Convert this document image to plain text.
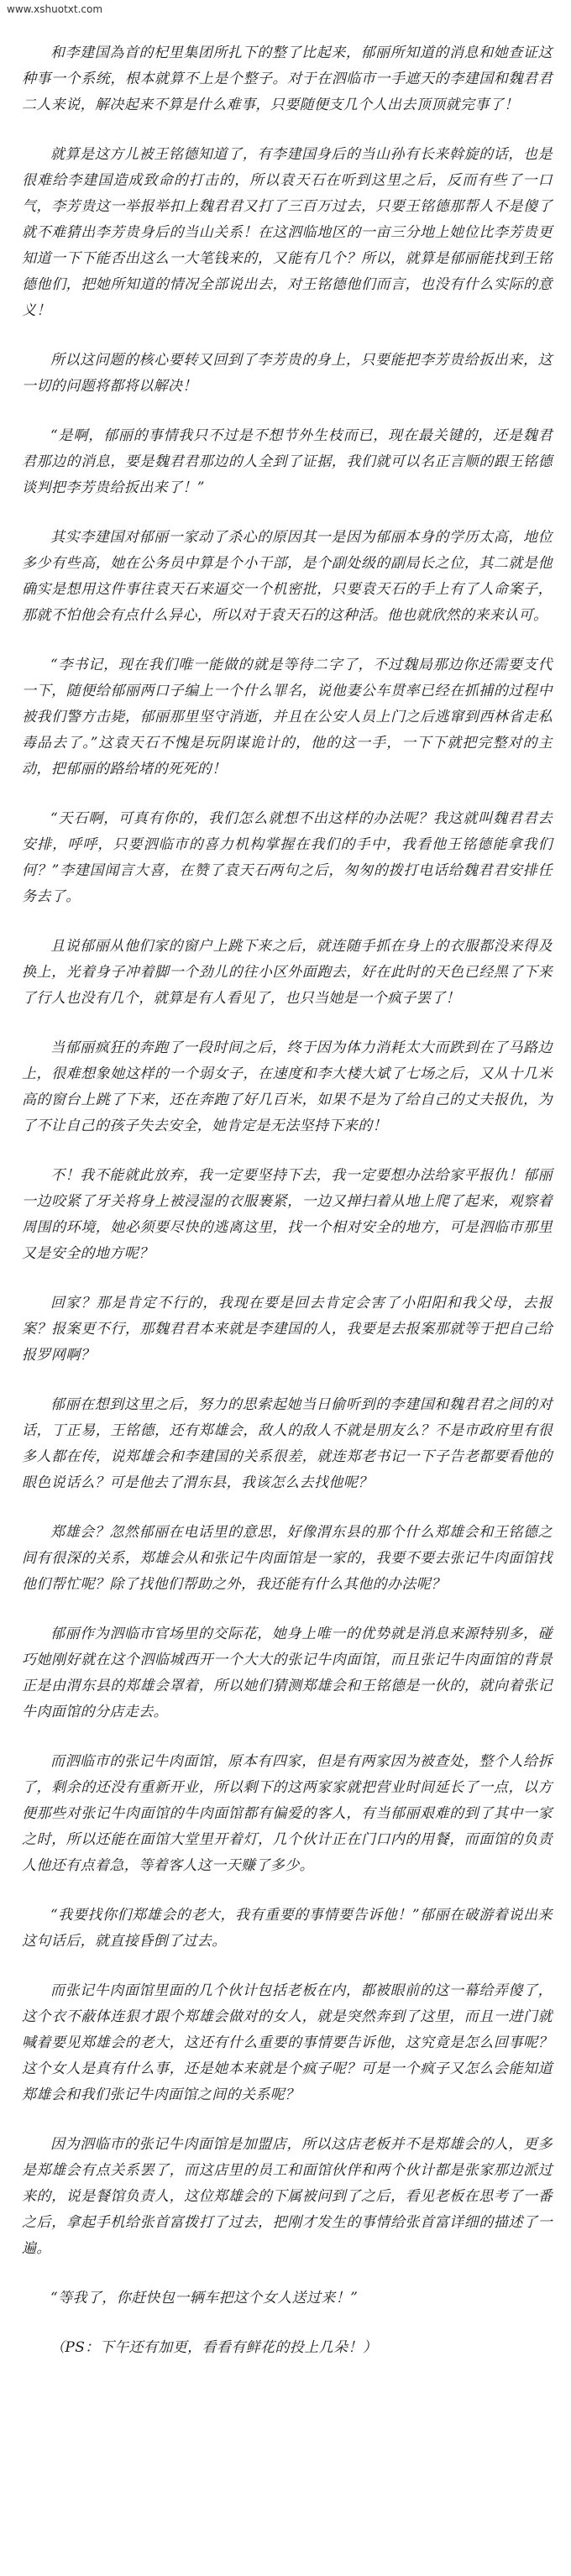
www.xshuotxt.com

和李建国為首的杞里集团所扎下的整了比起来，郁丽所知道的消息和她查证这种事一个系统，根本就算不上是个整子。对于在泗临市一手遮天的李建国和魏君君二人来说，解决起来不算是什么难事，只要随便支几个人出去顶顶就完事了！

就算是这方儿被王铭德知道了，有李建国身后的当山孙有长来斡旋的话，也是很难给李建国造成致命的打击的，所以袁天石在听到这里之后，反而有些了一口气，李芳贵这一举报举扣上魏君君又打了三百万过去，只要王铭德那帮人不是傻了就不难猜出李芳贵身后的当山关系！在这泗临地区的一亩三分地上她位比李芳贵更知道一下下能否出这么一大笔钱来的，又能有几个？所以，就算是郁丽能找到王铭德他们，把她所知道的情况全部说出去，对王铭德他们而言，也没有什么实际的意义！

所以这问题的核心要转又回到了李芳贵的身上，只要能把李芳贵给扳出来，这一切的问题将都将以解决！

“是啊，郁丽的事情我只不过是不想节外生枝而已，现在最关键的，还是魏君君那边的消息，要是魏君君那边的人全到了证据，我们就可以名正言顺的跟王铭德谈判把李芳贵给扳出来了！”

其实李建国对郁丽一家动了杀心的原因其一是因为郁丽本身的学历太高，地位多少有些高，她在公务员中算是个小干部，是个副处级的副局长之位，其二就是他确实是想用这件事往袁天石来逼交一个机密批，只要袁天石的手上有了人命案子，那就不怕他会有点什么异心，所以对于袁天石的这种活。他也就欣然的来来认可。

“李书记，现在我们唯一能做的就是等待二字了，不过魏局那边你还需要支代一下，随便给郁丽两口子编上一个什么罪名，说他妻公车贯率已经在抓捕的过程中被我们警方击毙，郁丽那里坚守消逝，并且在公安人员上门之后逃窜到西林省走私毒品去了。”这袁天石不愧是玩阴谋诡计的，他的这一手，一下下就把完整对的主动，把郁丽的路给堵的死死的！

“天石啊，可真有你的，我们怎么就想不出这样的办法呢？我这就叫魏君君去安排，呼呼，只要泗临市的喜力机构掌握在我们的手中，我看他王铭德能拿我们何？”李建国闻言大喜，在赞了袁天石两句之后，匆匆的拨打电话给魏君君安排任务去了。

且说郁丽从他们家的窗户上跳下来之后，就连随手抓在身上的衣服都没来得及换上，光着身子冲着脚一个劲儿的往小区外面跑去，好在此时的天色已经黑了下来了行人也没有几个，就算是有人看见了，也只当她是一个疯子罢了！

当郁丽疯狂的奔跑了一段时间之后，终于因为体力消耗太大而跌到在了马路边上，很难想象她这样的一个弱女子，在速度和李大楼大斌了七场之后，又从十几米高的窗台上跳了下来，还在奔跑了好几百米，如果不是为了给自己的丈夫报仇，为了不让自己的孩子失去安全，她肯定是无法坚持下来的！

不！我不能就此放弃，我一定要坚持下去，我一定要想办法给家平报仇！郁丽一边咬紧了牙关将身上被浸湿的衣服裹紧，一边又掸扫着从地上爬了起来，观察着周围的环境，她必须要尽快的逃离这里，找一个相对安全的地方，可是泗临市那里又是安全的地方呢？

回家？那是肯定不行的，我现在要是回去肯定会害了小阳阳和我父母，去报案？报案更不行，那魏君君本来就是李建国的人，我要是去报案那就等于把自己给报罗网啊？

郁丽在想到这里之后，努力的思索起她当日偷听到的李建国和魏君君之间的对话，丁正易，王铭德，还有郑雄会，敌人的敌人不就是朋友么？不是市政府里有很多人都在传，说郑雄会和李建国的关系很差，就连郑老书记一下子告老都要看他的眼色说话么？可是他去了渭东县，我该怎么去找他呢？

郑雄会？忽然郁丽在电话里的意思，好像渭东县的那个什么郑雄会和王铭德之间有很深的关系，郑雄会从和张记牛肉面馆是一家的，我要不要去张记牛肉面馆找他们帮忙呢？除了找他们帮助之外，我还能有什么其他的办法呢？

郁丽作为泗临市官场里的交际花，她身上唯一的优势就是消息来源特别多，碰巧她刚好就在这个泗临城西开一个大大的张记牛肉面馆，而且张记牛肉面馆的背景正是由渭东县的郑雄会罩着，所以她们猜测郑雄会和王铭德是一伙的，就向着张记牛肉面馆的分店走去。

而泗临市的张记牛肉面馆，原本有四家，但是有两家因为被查处，整个人给拆了，剩余的还没有重新开业，所以剩下的这两家家就把营业时间延长了一点，以方便那些对张记牛肉面馆的牛肉面馆都有偏爱的客人，有当郁丽艰难的到了其中一家之时，所以还能在面馆大堂里开着灯，几个伙计正在门口内的用餐，而面馆的负责人他还有点着急，等着客人这一天赚了多少。

“我要找你们郑雄会的老大，我有重要的事情要告诉他！”郁丽在破游着说出来这句话后，就直接昏倒了过去。

而张记牛肉面馆里面的几个伙计包括老板在内，都被眼前的这一幕给弄傻了，这个衣不蔽体连狠才跟个郑雄会做对的女人，就是突然奔到了这里，而且一进门就喊着要见郑雄会的老大，这还有什么重要的事情要告诉他，这究竟是怎么回事呢？这个女人是真有什么事，还是她本来就是个疯子呢？可是一个疯子又怎么会能知道郑雄会和我们张记牛肉面馆之间的关系呢？

因为泗临市的张记牛肉面馆是加盟店，所以这店老板并不是郑雄会的人，更多是郑雄会有点关系罢了，而这店里的员工和面馆伙伴和两个伙计都是张家那边派过来的，说是餐馆负责人，这位郑雄会的下属被问到了之后，看见老板在思考了一番之后，拿起手机给张首富拨打了过去，把刚才发生的事情给张首富详细的描述了一遍。

“等我了，你赶快包一辆车把这个女人送过来！”

（PS：下午还有加更，看看有鲜花的投上几朵！）
